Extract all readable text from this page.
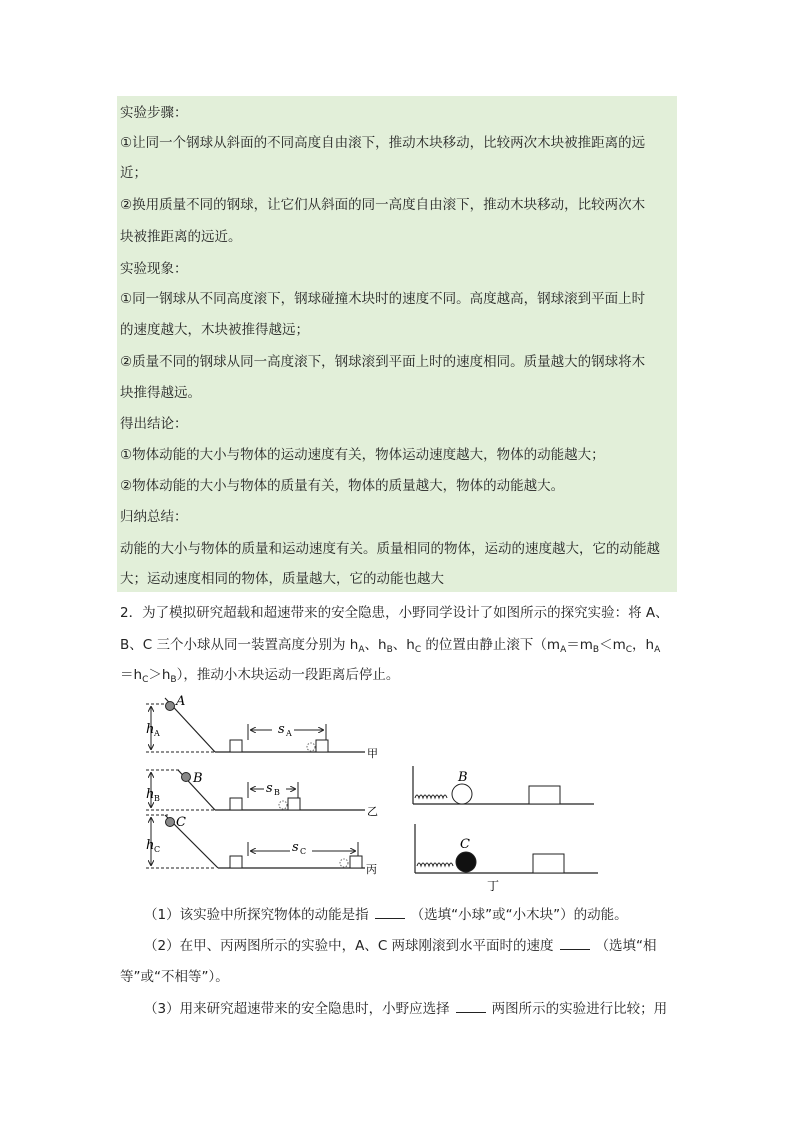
实验步骤：
①让同一个钢球从斜面的不同高度自由滚下，推动木块移动，比较两次木块被推距离的远
近；
②换用质量不同的钢球，让它们从斜面的同一高度自由滚下，推动木块移动，比较两次木
块被推距离的远近。
实验现象：
①同一钢球从不同高度滚下，钢球碰撞木块时的速度不同。高度越高，钢球滚到平面上时
的速度越大，木块被推得越远；
②质量不同的钢球从同一高度滚下，钢球滚到平面上时的速度相同。质量越大的钢球将木
块推得越远。
得出结论：
①物体动能的大小与物体的运动速度有关，物体运动速度越大，物体的动能越大；
②物体动能的大小与物体的质量有关，物体的质量越大，物体的动能越大。
归纳总结：
动能的大小与物体的质量和运动速度有关。质量相同的物体，运动的速度越大，它的动能越
大；运动速度相同的物体，质量越大，它的动能也越大
2．为了模拟研究超载和超速带来的安全隐患，小野同学设计了如图所示的探究实验：将 A、
B、C 三个小球从同一装置高度分别为 $h_A$、$h_B$、$h_C$ 的位置由静止滚下（$m_A=m_B<m_C$，$h_A$
$=h_C>h_B$），推动小木块运动一段距离后停止。
A
h A	s A
甲
B
h B
s B
乙
C
h C	s C
丙
B
C
丁
（1）该实验中所探究物体的动能是指	（选填“小球”或“小木块”）的动能。
（2）在甲、丙两图所示的实验中，A、C 两球刚滚到水平面时的速度	（选填“相
等”或“不相等”）。
（3）用来研究超速带来的安全隐患时，小野应选择	两图所示的实验进行比较；用
